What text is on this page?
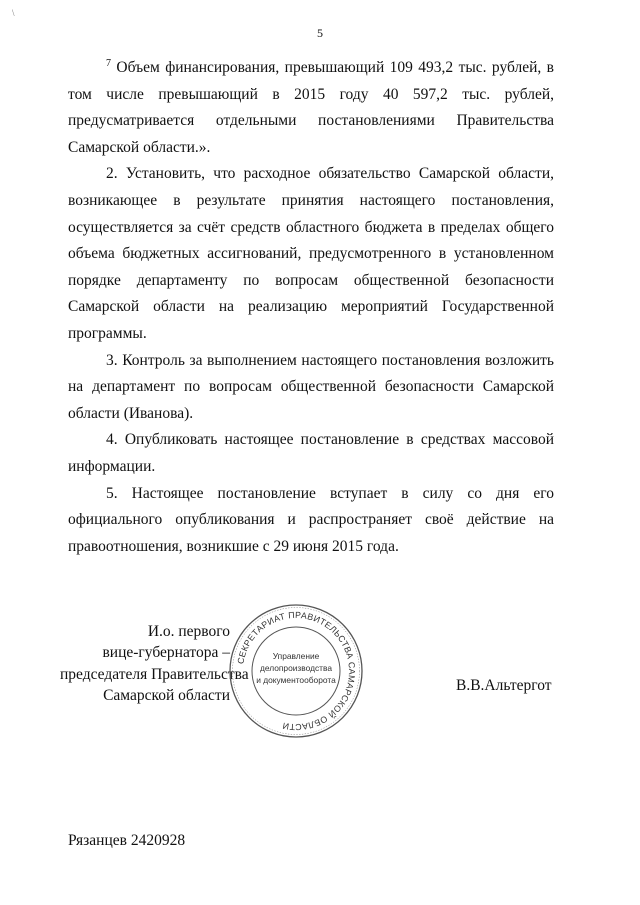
\
5

$^7$ Объем финансирования, превышающий 109 493,2 тыс. рублей, в том числе превышающий в 2015 году 40 597,2 тыс. рублей, предусматривается отдельными постановлениями Правительства Самарской области.».

2. Установить, что расходное обязательство Самарской области, возникающее в результате принятия настоящего постановления, осуществляется за счёт средств областного бюджета в пределах общего объема бюджетных ассигнований, предусмотренного в установленном порядке департаменту по вопросам общественной безопасности Самарской области на реализацию мероприятий Государственной программы.

3. Контроль за выполнением настоящего постановления возложить на департамент по вопросам общественной безопасности Самарской области (Иванова).

4. Опубликовать настоящее постановление в средствах массовой информации.

5. Настоящее постановление вступает в силу со дня его официального опубликования и распространяет своё действие на правоотношения, возникшие с 29 июня 2015 года.

И.о. первого
вице-губернатора –
председателя Правительства
Самарской области
СЕКРЕТАРИАТ ПРАВИТЕЛЬСТВА САМАРСКОЙ ОБЛАСТИ
Управление
делопроизводства
и документооборота	В.В.Альтергот
Рязанцев 2420928
